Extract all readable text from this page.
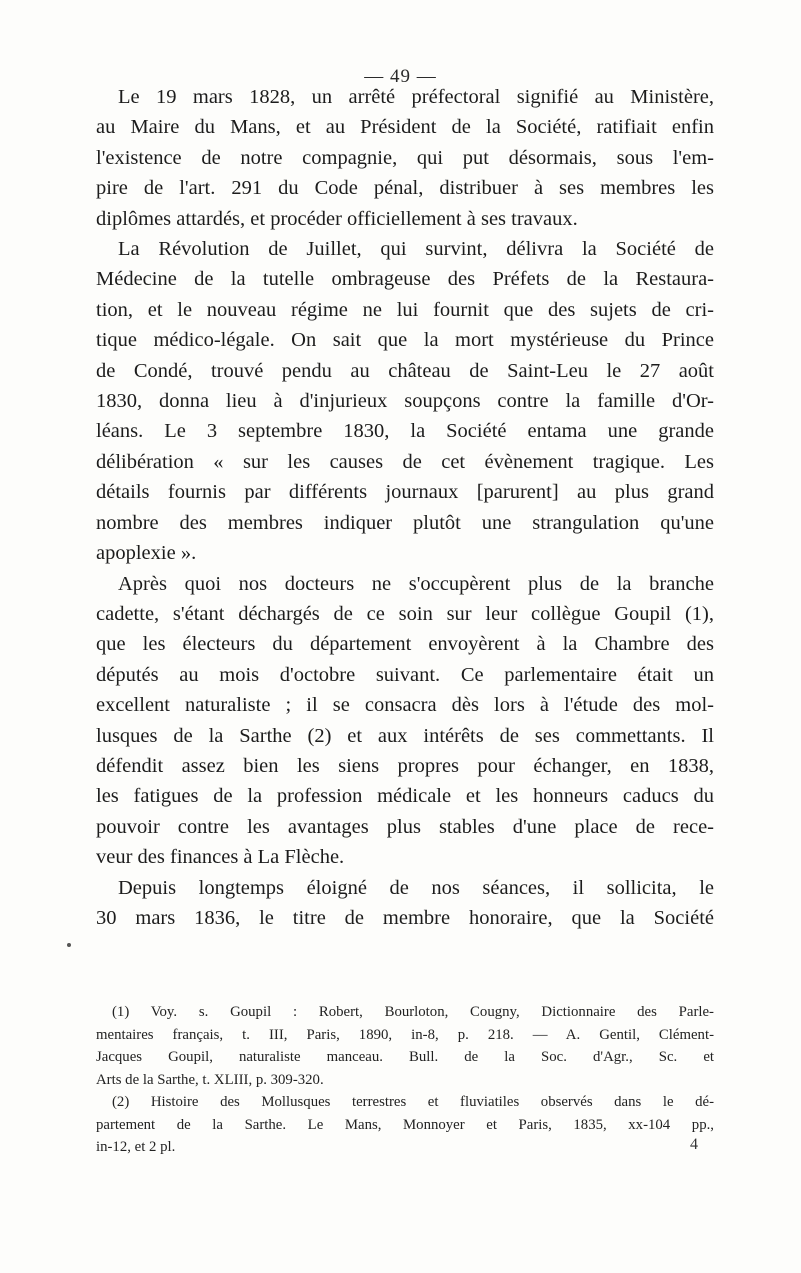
— 49 —
Le 19 mars 1828, un arrêté préfectoral signifié au Ministère,
au Maire du Mans, et au Président de la Société, ratifiait enfin
l'existence de notre compagnie, qui put désormais, sous l'em-
pire de l'art. 291 du Code pénal, distribuer à ses membres les
diplômes attardés, et procéder officiellement à ses travaux.
La Révolution de Juillet, qui survint, délivra la Société de
Médecine de la tutelle ombrageuse des Préfets de la Restaura-
tion, et le nouveau régime ne lui fournit que des sujets de cri-
tique médico-légale. On sait que la mort mystérieuse du Prince
de Condé, trouvé pendu au château de Saint-Leu le 27 août
1830, donna lieu à d'injurieux soupçons contre la famille d'Or-
léans. Le 3 septembre 1830, la Société entama une grande
délibération « sur les causes de cet évènement tragique. Les
détails fournis par différents journaux [parurent] au plus grand
nombre des membres indiquer plutôt une strangulation qu'une
apoplexie ».
Après quoi nos docteurs ne s'occupèrent plus de la branche
cadette, s'étant déchargés de ce soin sur leur collègue Goupil (1),
que les électeurs du département envoyèrent à la Chambre des
députés au mois d'octobre suivant. Ce parlementaire était un
excellent naturaliste ; il se consacra dès lors à l'étude des mol-
lusques de la Sarthe (2) et aux intérêts de ses commettants. Il
défendit assez bien les siens propres pour échanger, en 1838,
les fatigues de la profession médicale et les honneurs caducs du
pouvoir contre les avantages plus stables d'une place de rece-
veur des finances à La Flèche.
Depuis longtemps éloigné de nos séances, il sollicita, le
30 mars 1836, le titre de membre honoraire, que la Société
(1) Voy. s. Goupil : Robert, Bourloton, Cougny, Dictionnaire des Parle-
mentaires français, t. III, Paris, 1890, in-8, p. 218. — A. Gentil, Clément-
Jacques Goupil, naturaliste manceau. Bull. de la Soc. d'Agr., Sc. et
Arts de la Sarthe, t. XLIII, p. 309-320.
(2) Histoire des Mollusques terrestres et fluviatiles observés dans le dé-
partement de la Sarthe. Le Mans, Monnoyer et Paris, 1835, xx-104 pp.,
in-12, et 2 pl.	4
